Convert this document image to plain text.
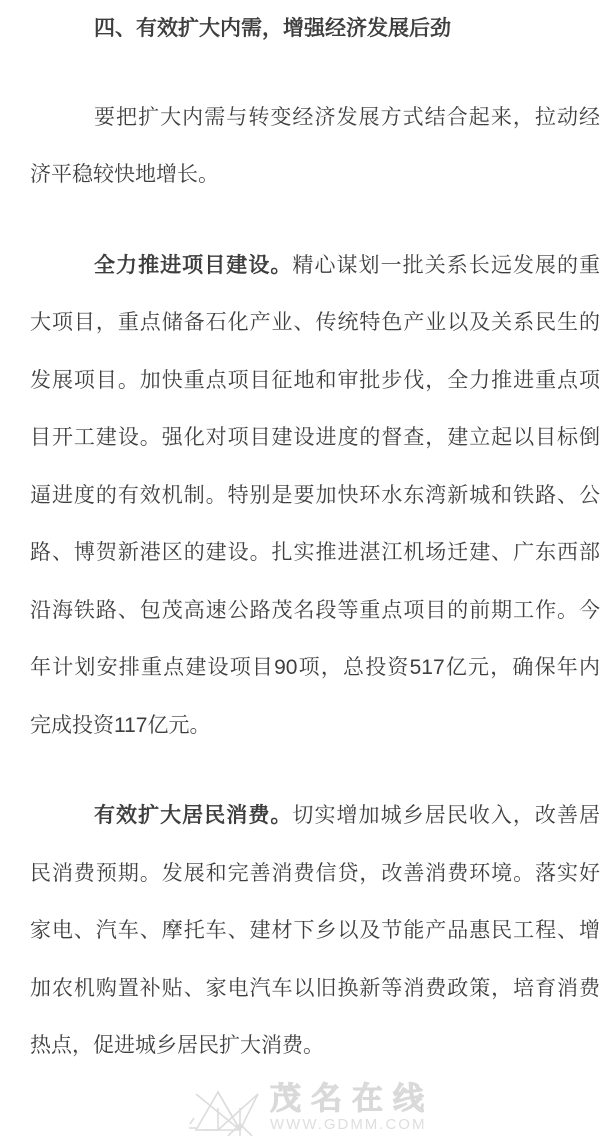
四、有效扩大内需，增强经济发展后劲
要把扩大内需与转变经济发展方式结合起来，拉动经
济平稳较快地增长。
全力推进项目建设。精心谋划一批关系长远发展的重
大项目，重点储备石化产业、传统特色产业以及关系民生的
发展项目。加快重点项目征地和审批步伐，全力推进重点项
目开工建设。强化对项目建设进度的督查，建立起以目标倒
逼进度的有效机制。特别是要加快环水东湾新城和铁路、公
路、博贺新港区的建设。扎实推进湛江机场迁建、广东西部
沿海铁路、包茂高速公路茂名段等重点项目的前期工作。今
年计划安排重点建设项目90项，总投资517亿元，确保年内
完成投资117亿元。
有效扩大居民消费。切实增加城乡居民收入，改善居
民消费预期。发展和完善消费信贷，改善消费环境。落实好
家电、汽车、摩托车、建材下乡以及节能产品惠民工程、增
加农机购置补贴、家电汽车以旧换新等消费政策，培育消费
热点，促进城乡居民扩大消费。
茂名在线
WWW.GDMM.COM
